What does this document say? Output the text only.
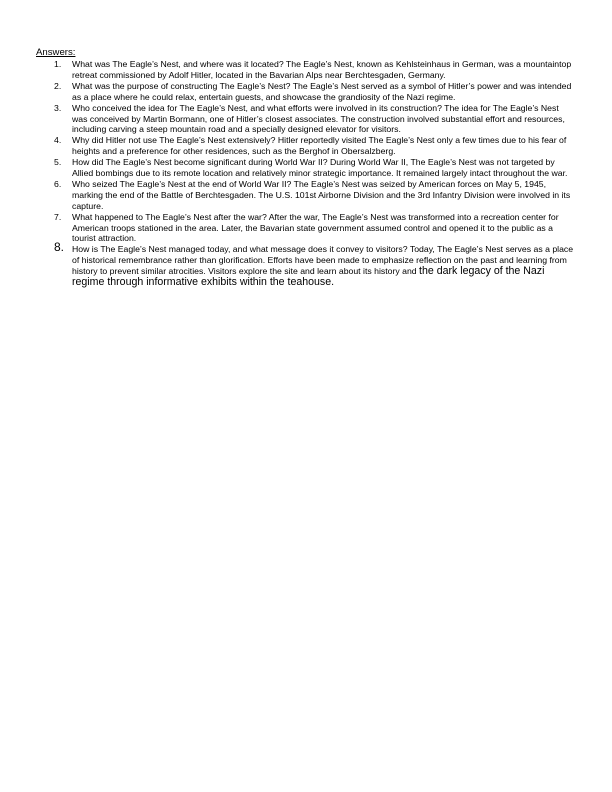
Answers:
1. What was The Eagle’s Nest, and where was it located? The Eagle’s Nest, known as Kehlsteinhaus in German, was a mountaintop retreat commissioned by Adolf Hitler, located in the Bavarian Alps near Berchtesgaden, Germany.
2. What was the purpose of constructing The Eagle’s Nest? The Eagle’s Nest served as a symbol of Hitler’s power and was intended as a place where he could relax, entertain guests, and showcase the grandiosity of the Nazi regime.
3. Who conceived the idea for The Eagle’s Nest, and what efforts were involved in its construction? The idea for The Eagle’s Nest was conceived by Martin Bormann, one of Hitler’s closest associates. The construction involved substantial effort and resources, including carving a steep mountain road and a specially designed elevator for visitors.
4. Why did Hitler not use The Eagle’s Nest extensively? Hitler reportedly visited The Eagle’s Nest only a few times due to his fear of heights and a preference for other residences, such as the Berghof in Obersalzberg.
5. How did The Eagle’s Nest become significant during World War II? During World War II, The Eagle’s Nest was not targeted by Allied bombings due to its remote location and relatively minor strategic importance. It remained largely intact throughout the war.
6. Who seized The Eagle’s Nest at the end of World War II? The Eagle’s Nest was seized by American forces on May 5, 1945, marking the end of the Battle of Berchtesgaden. The U.S. 101st Airborne Division and the 3rd Infantry Division were involved in its capture.
7. What happened to The Eagle’s Nest after the war? After the war, The Eagle’s Nest was transformed into a recreation center for American troops stationed in the area. Later, the Bavarian state government assumed control and opened it to the public as a tourist attraction.
8. How is The Eagle’s Nest managed today, and what message does it convey to visitors? Today, The Eagle’s Nest serves as a place of historical remembrance rather than glorification. Efforts have been made to emphasize reflection on the past and learning from history to prevent similar atrocities. Visitors explore the site and learn about its history and the dark legacy of the Nazi regime through informative exhibits within the teahouse.
